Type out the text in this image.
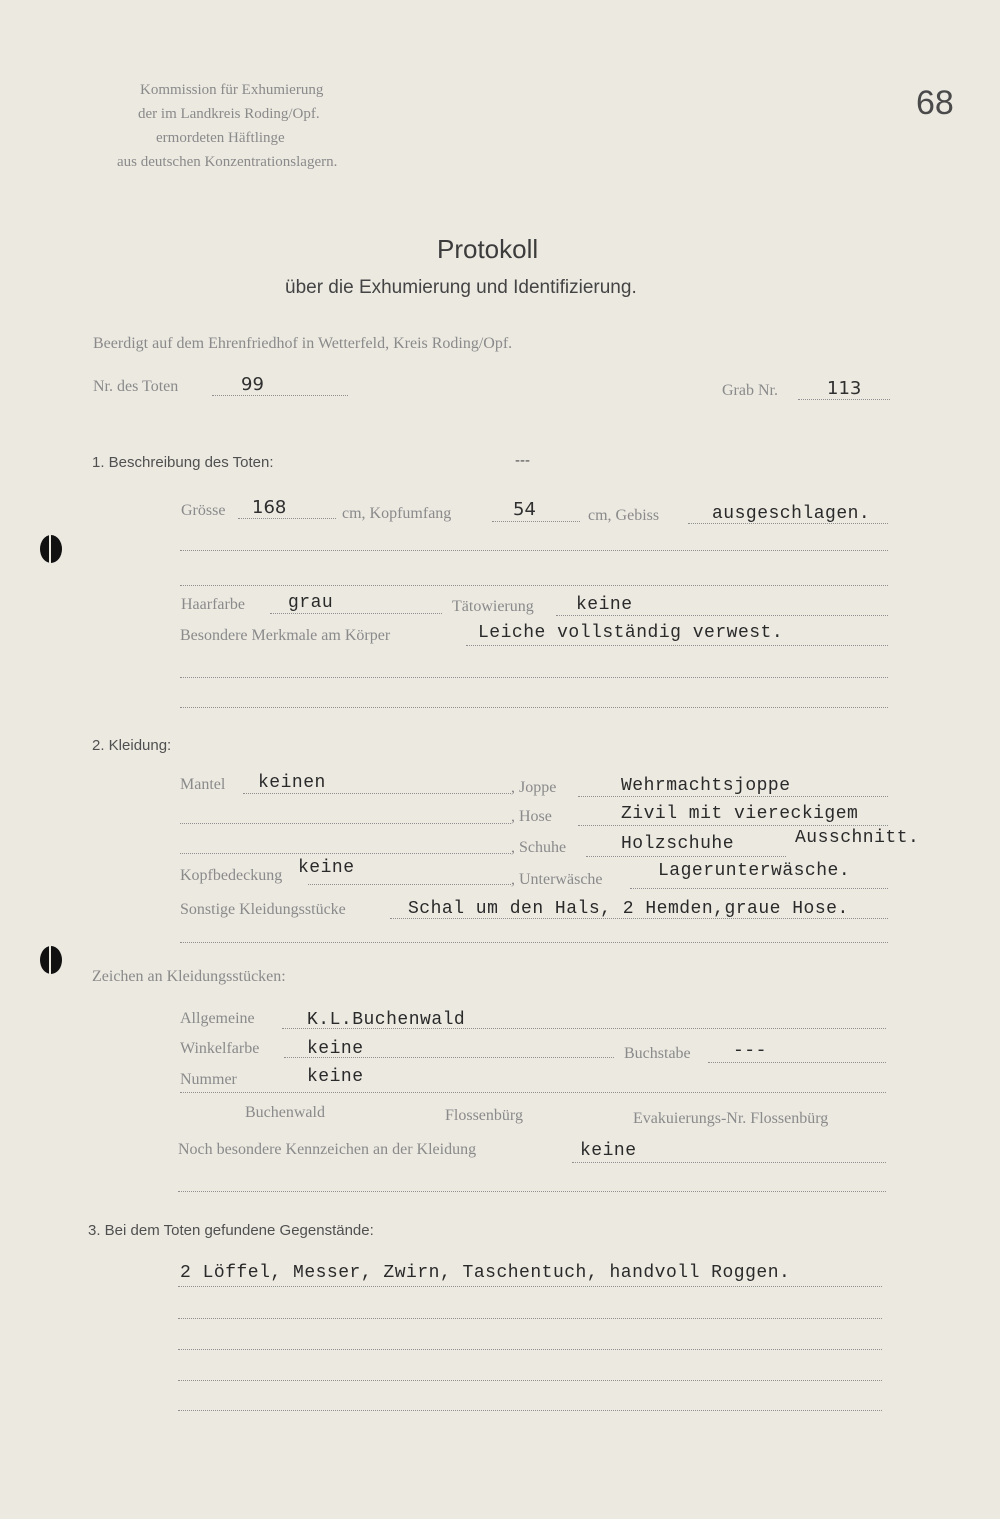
Kommission für Exhumierung
der im Landkreis Roding/Opf.
ermordeten Häftlinge
aus deutschen Konzentrationslagern.
68
Protokoll
über die Exhumierung und Identifizierung.
Beerdigt auf dem Ehrenfriedhof in Wetterfeld, Kreis Roding/Opf.
Nr. des Toten	99	Grab Nr.	113
1. Beschreibung des Toten:	---
Grösse 168	cm, Kopfumfang	54	cm, Gebiss	ausgeschlagen.
Haarfarbe grau	Tätowierung keine
Besondere Merkmale am Körper	Leiche vollständig verwest.
2. Kleidung:
Mantel keinen	, Joppe	Wehrmachtsjoppe
, Hose	Zivil mit viereckigem
Ausschnitt.
, Schuhe	Holzschuhe
Kopfbedeckung keine
, Unterwäsche	Lagerunterwäsche.
Sonstige Kleidungsstücke	Schal um den Hals, 2 Hemden,graue Hose.
Zeichen an Kleidungsstücken:
Allgemeine	K.L.Buchenwald
Winkelfarbe	keine	Buchstabe ---
Nummer	keine
Buchenwald	Flossenbürg	Evakuierungs-Nr. Flossenbürg
Noch besondere Kennzeichen an der Kleidung	keine
3. Bei dem Toten gefundene Gegenstände:
2 Löffel, Messer, Zwirn, Taschentuch, handvoll Roggen.
